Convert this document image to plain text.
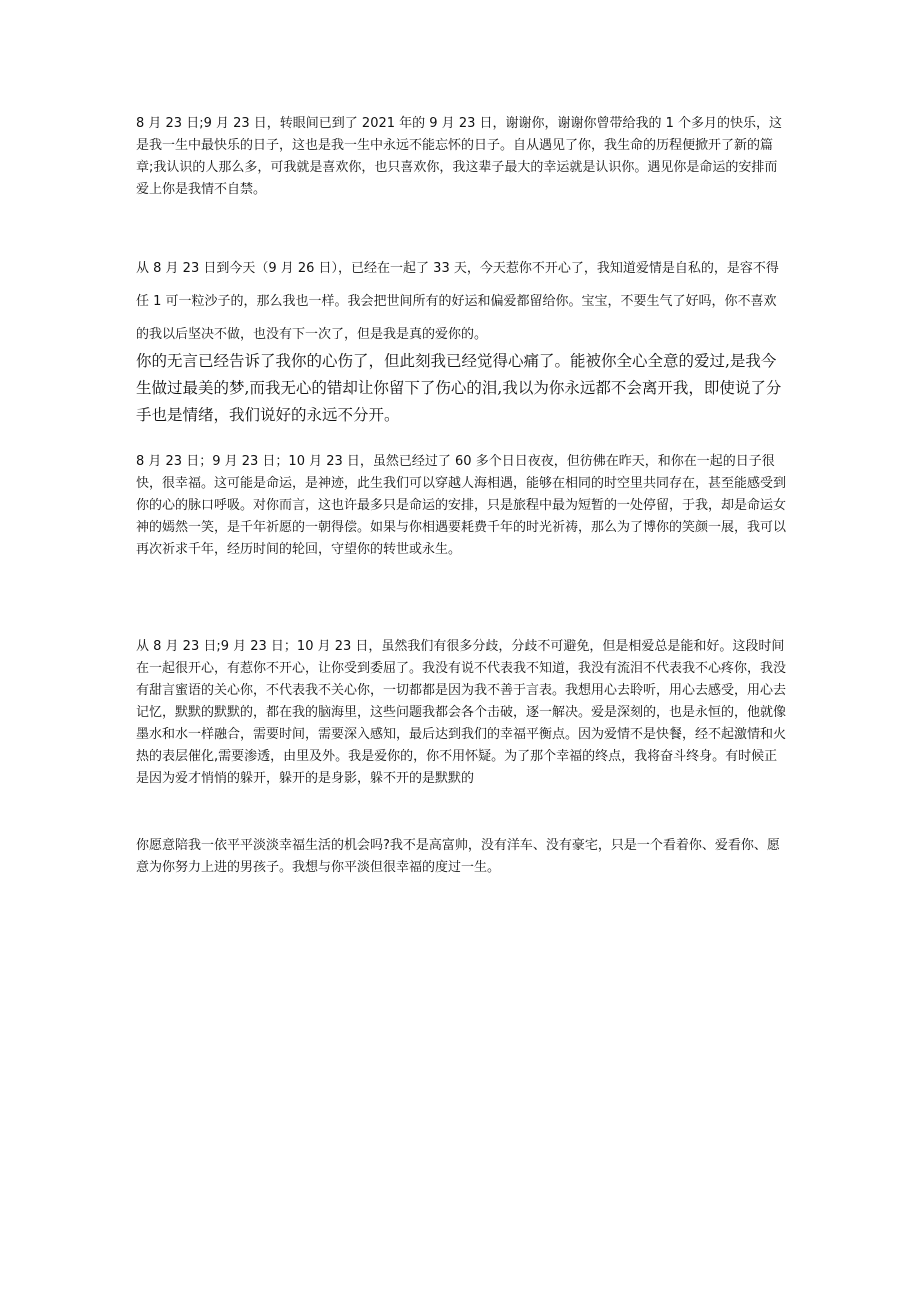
8 月 23 日;9 月 23 日，转眼间已到了 2021 年的 9 月 23 日，谢谢你，谢谢你曾带给我的 1 个多月的快乐，这是我一生中最快乐的日子，这也是我一生中永远不能忘怀的日子。自从遇见了你，我生命的历程便掀开了新的篇章;我认识的人那么多，可我就是喜欢你，也只喜欢你，我这辈子最大的幸运就是认识你。遇见你是命运的安排而爱上你是我情不自禁。

从 8 月 23 日到今天（9 月 26 日），已经在一起了 33 天，今天惹你不开心了，我知道爱情是自私的，是容不得任 1 可一粒沙子的，那么我也一样。我会把世间所有的好运和偏爱都留给你。宝宝，不要生气了好吗，你不喜欢的我以后坚决不做，也没有下一次了，但是我是真的爱你的。

你的无言已经告诉了我你的心伤了，但此刻我已经觉得心痛了。能被你全心全意的爱过,是我今生做过最美的梦,而我无心的错却让你留下了伤心的泪,我以为你永远都不会离开我，即使说了分手也是情绪，我们说好的永远不分开。

8 月 23 日；9 月 23 日；10 月 23 日，虽然已经过了 60 多个日日夜夜，但彷佛在昨天，和你在一起的日子很快，很幸福。这可能是命运，是神迹，此生我们可以穿越人海相遇，能够在相同的时空里共同存在，甚至能感受到你的心的脉口呼吸。对你而言，这也许最多只是命运的安排，只是旅程中最为短暂的一处停留，于我，却是命运女神的嫣然一笑，是千年祈愿的一朝得偿。如果与你相遇要耗费千年的时光祈祷，那么为了博你的笑颜一展，我可以再次祈求千年，经历时间的轮回，守望你的转世或永生。

从 8 月 23 日;9 月 23 日；10 月 23 日，虽然我们有很多分歧，分歧不可避免，但是相爱总是能和好。这段时间在一起很开心，有惹你不开心，让你受到委屈了。我没有说不代表我不知道，我没有流泪不代表我不心疼你，我没有甜言蜜语的关心你，不代表我不关心你，一切都都是因为我不善于言表。我想用心去聆听，用心去感受，用心去记忆，默默的默默的，都在我的脑海里，这些问题我都会各个击破，逐一解决。爱是深刻的，也是永恒的，他就像墨水和水一样融合，需要时间，需要深入感知，最后达到我们的幸福平衡点。因为爱情不是快餐，经不起激情和火热的表层催化,需要渗透，由里及外。我是爱你的，你不用怀疑。为了那个幸福的终点，我将奋斗终身。有时候正是因为爱才悄悄的躲开，躲开的是身影，躲不开的是默默的

你愿意陪我一依平平淡淡幸福生活的机会吗?我不是高富帅，没有洋车、没有豪宅，只是一个看着你、爱看你、愿意为你努力上进的男孩子。我想与你平淡但很幸福的度过一生。
